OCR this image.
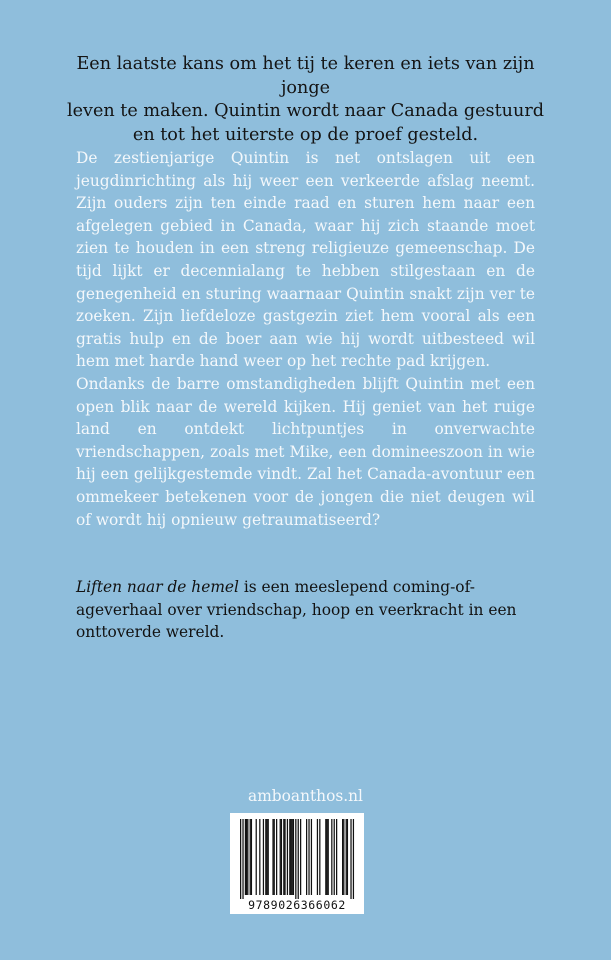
Een laatste kans om het tij te keren en iets van zijn jonge
leven te maken. Quintin wordt naar Canada gestuurd
en tot het uiterste op de proef gesteld.

De zestienjarige Quintin is net ontslagen uit een jeugdinrichting als hij weer een verkeerde afslag neemt. Zijn ouders zijn ten einde raad en sturen hem naar een afgelegen gebied in Canada, waar hij zich staande moet zien te houden in een streng religieuze gemeenschap. De tijd lijkt er decennialang te hebben stilgestaan en de genegenheid en sturing waarnaar Quintin snakt zijn ver te zoeken. Zijn liefdeloze gastgezin ziet hem vooral als een gratis hulp en de boer aan wie hij wordt uitbesteed wil hem met harde hand weer op het rechte pad krijgen.

Ondanks de barre omstandigheden blijft Quintin met een open blik naar de wereld kijken. Hij geniet van het ruige land en ontdekt lichtpuntjes in onverwachte vriendschappen, zoals met Mike, een domineeszoon in wie hij een gelijkgestemde vindt. Zal het Canada-avontuur een ommekeer betekenen voor de jongen die niet deugen wil of wordt hij opnieuw getraumatiseerd?

Liften naar de hemel is een meeslepend coming-of-ageverhaal over vriendschap, hoop en veerkracht in een onttoverde wereld.

amboanthos.nl
9789026366062
